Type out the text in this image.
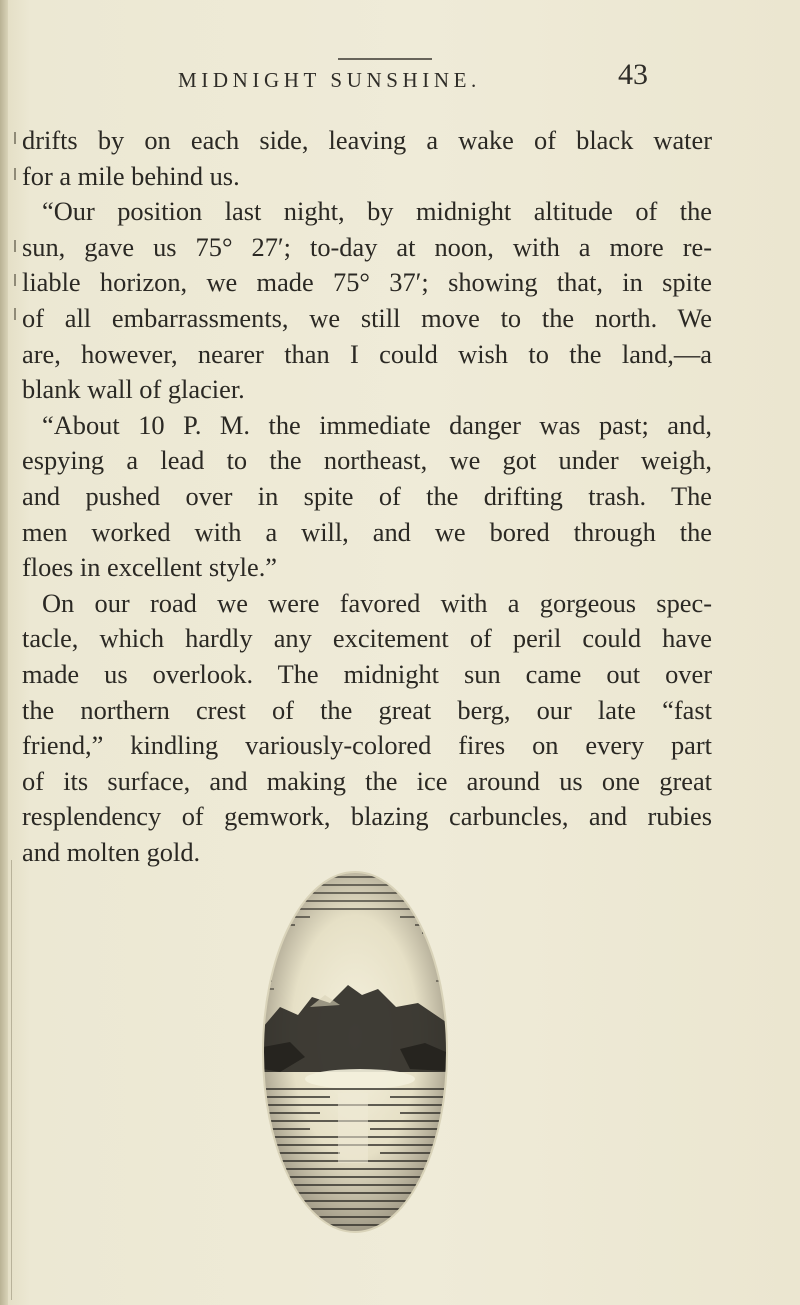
MIDNIGHT SUNSHINE.	43
drifts by on each side, leaving a wake of black water
for a mile behind us.
“Our position last night, by midnight altitude of the
sun, gave us 75° 27′; to-day at noon, with a more re-
liable horizon, we made 75° 37′; showing that, in spite
of all embarrassments, we still move to the north. We
are, however, nearer than I could wish to the land,—a
blank wall of glacier.
“About 10 P. M. the immediate danger was past; and,
espying a lead to the northeast, we got under weigh,
and pushed over in spite of the drifting trash. The
men worked with a will, and we bored through the
floes in excellent style.”
On our road we were favored with a gorgeous spec-
tacle, which hardly any excitement of peril could have
made us overlook. The midnight sun came out over
the northern crest of the great berg, our late “fast
friend,” kindling variously-colored fires on every part
of its surface, and making the ice around us one great
resplendency of gemwork, blazing carbuncles, and rubies
and molten gold.
